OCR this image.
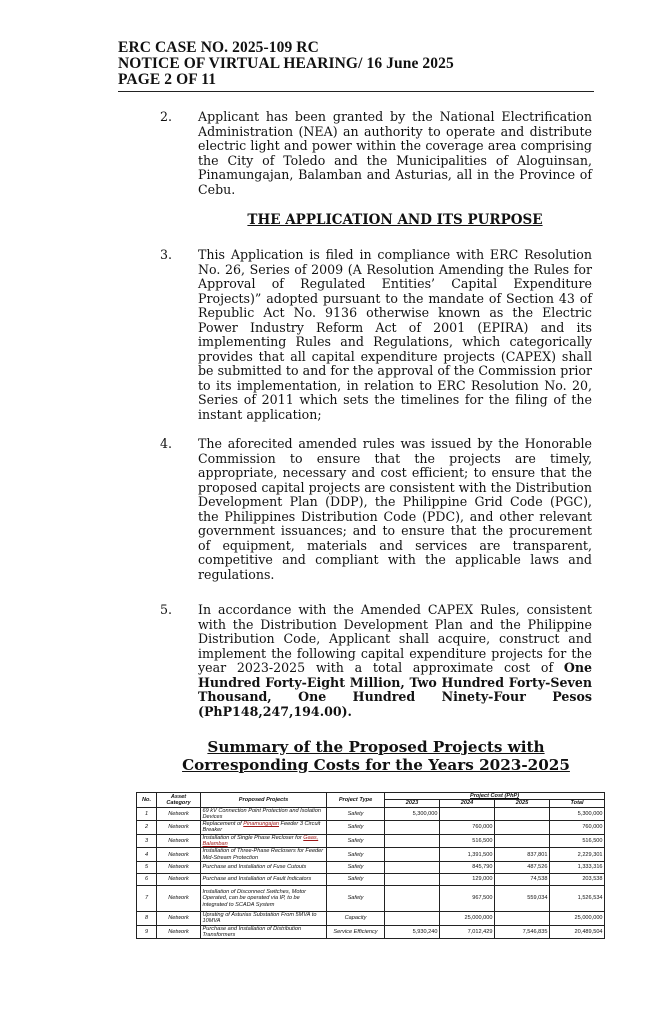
ERC CASE NO. 2025-109 RC
NOTICE OF VIRTUAL HEARING/ 16 June 2025
PAGE 2 OF 11
2.	Applicant has been granted by the National Electrification Administration (NEA) an authority to operate and distribute electric light and power within the coverage area comprising the City of Toledo and the Municipalities of Aloguinsan, Pinamungajan, Balamban and Asturias, all in the Province of Cebu.
THE APPLICATION AND ITS PURPOSE
3.	This Application is filed in compliance with ERC Resolution No. 26, Series of 2009 (A Resolution Amending the Rules for Approval of Regulated Entities’ Capital Expenditure Projects)” adopted pursuant to the mandate of Section 43 of Republic Act No. 9136 otherwise known as the Electric Power Industry Reform Act of 2001 (EPIRA) and its implementing Rules and Regulations, which categorically provides that all capital expenditure projects (CAPEX) shall be submitted to and for the approval of the Commission prior to its implementation, in relation to ERC Resolution No. 20, Series of 2011 which sets the timelines for the filing of the instant application;
4.	The aforecited amended rules was issued by the Honorable Commission to ensure that the projects are timely, appropriate, necessary and cost efficient; to ensure that the proposed capital projects are consistent with the Distribution Development Plan (DDP), the Philippine Grid Code (PGC), the Philippines Distribution Code (PDC), and other relevant government issuances; and to ensure that the procurement of equipment, materials and services are transparent, competitive and compliant with the applicable laws and regulations.
5.	In accordance with the Amended CAPEX Rules, consistent with the Distribution Development Plan and the Philippine Distribution Code, Applicant shall acquire, construct and implement the following capital expenditure projects for the year 2023-2025 with a total approximate cost of One Hundred Forty-Eight Million, Two Hundred Forty-Seven Thousand, One Hundred Ninety-Four Pesos (PhP148,247,194.00).
Summary of the Proposed Projects with
Corresponding Costs for the Years 2023-2025
No.	Asset Category	Proposed Projects	Project Type	Project Cost (PhP)			
				2023	2024	2025	Total
1	Network	69 kV Connection Point Protection and Isolation Devices	Safety	5,300,000			5,300,000
2	Network	Replacement of Pinamungajan Feeder 3 Circuit Breaker	Safety		760,000		760,000
3	Network	Installation of Single Phase Recloser for Gaas, Balamban	Safety		516,500		516,500
4	Network	Installation of Three-Phase Reclosers for Feeder Mid-Stream Protection	Safety		1,391,500	837,801	2,229,301
5	Network	Purchase and Installation of Fuse Cutouts	Safety		845,790	487,526	1,333,316
6	Network	Purchase and Installation of Fault Indicators	Safety		129,000	74,538	203,538
7	Network	Installation of Disconnect Switches, Motor Operated, can be operated via IP, to be integrated to SCADA System	Safety		967,500	559,034	1,526,534
8	Network	Uprating of Asturias Substation From 5MVA to 10MVA	Capacity		25,000,000		25,000,000
9	Network	Purchase and Installation of Distribution Transformers	Service Efficiency	5,930,240	7,012,429	7,546,835	20,489,504
